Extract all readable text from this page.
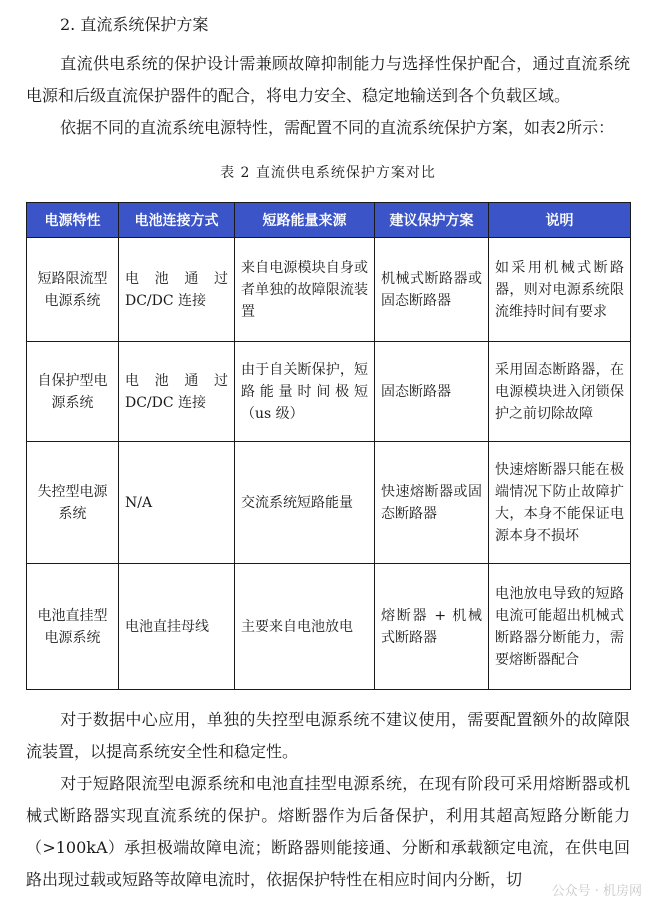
2. 直流系统保护方案
直流供电系统的保护设计需兼顾故障抑制能力与选择性保护配合，通过直流系统电源和后级直流保护器件的配合，将电力安全、稳定地输送到各个负载区域。
依据不同的直流系统电源特性，需配置不同的直流系统保护方案，如表2所示：
表 2 直流供电系统保护方案对比
电源特性	电池连接方式	短路能量来源	建议保护方案	说明
短路限流型电源系统	电池通过 DC/DC 连接	来自电源模块自身或者单独的故障限流装置	机械式断路器或固态断路器	如采用机械式断路器，则对电源系统限流维持时间有要求
自保护型电源系统	电池通过 DC/DC 连接	由于自关断保护，短路能量时间极短（us 级）	固态断路器	采用固态断路器，在电源模块进入闭锁保护之前切除故障
失控型电源系统	N/A	交流系统短路能量	快速熔断器或固态断路器	快速熔断器只能在极端情况下防止故障扩大，本身不能保证电源本身不损坏
电池直挂型电源系统	电池直挂母线	主要来自电池放电	熔断器 + 机械式断路器	电池放电导致的短路电流可能超出机械式断路器分断能力，需要熔断器配合
对于数据中心应用，单独的失控型电源系统不建议使用，需要配置额外的故障限流装置，以提高系统安全性和稳定性。
对于短路限流型电源系统和电池直挂型电源系统，在现有阶段可采用熔断器或机械式断路器实现直流系统的保护。熔断器作为后备保护，利用其超高短路分断能力（>100kA）承担极端故障电流；断路器则能接通、分断和承载额定电流，在供电回路出现过载或短路等故障电流时，依据保护特性在相应时间内分断，切
公众号 · 机房网
